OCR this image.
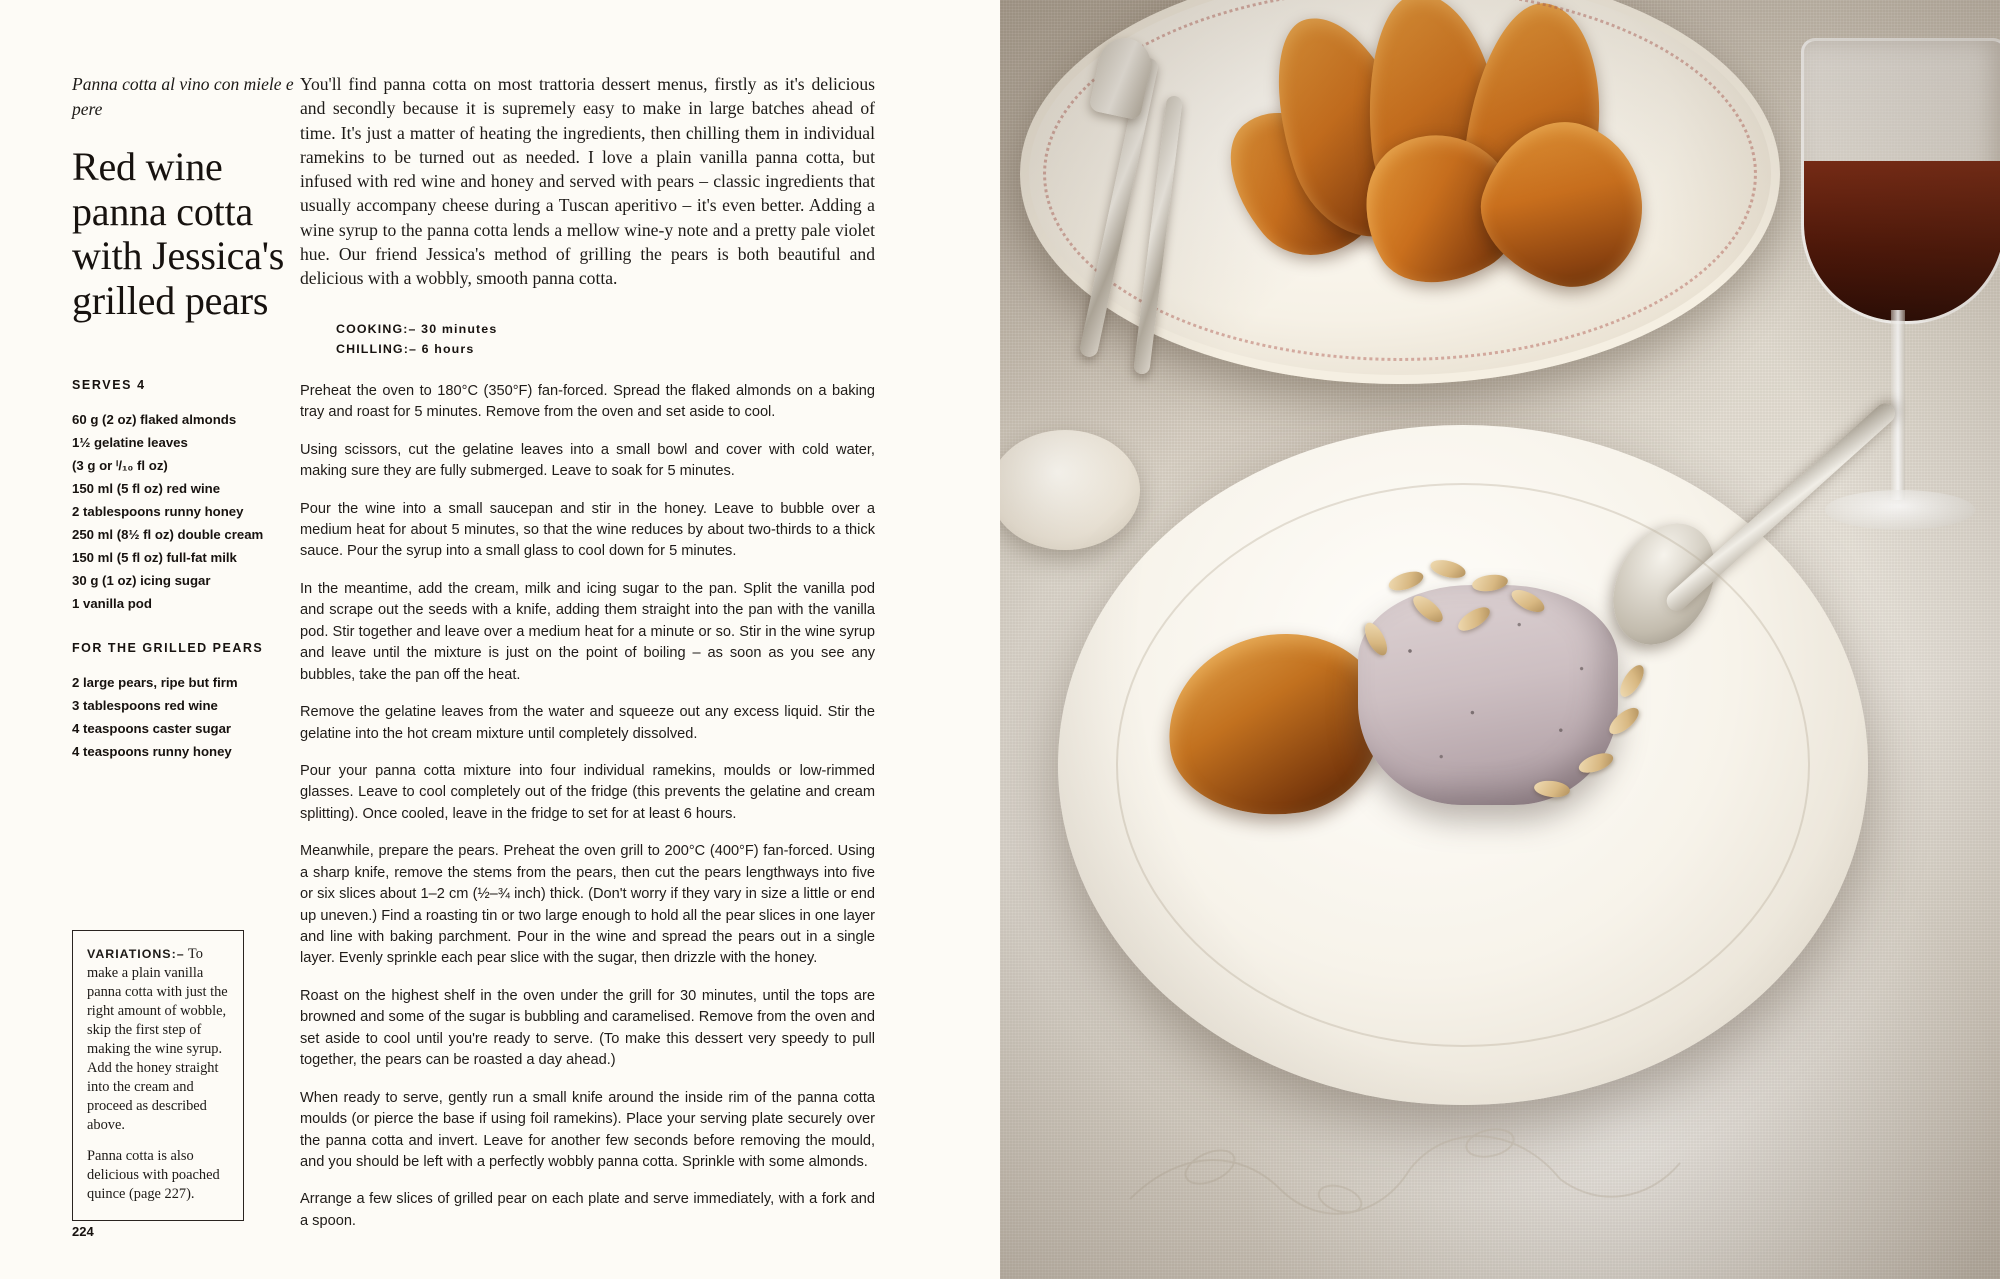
Panna cotta al vino con miele e pere
Red wine panna cotta with Jessica's grilled pears
SERVES 4
60 g (2 oz) flaked almonds
1½ gelatine leaves
(3 g or ⁱ/₁₀ fl oz)
150 ml (5 fl oz) red wine
2 tablespoons runny honey
250 ml (8½ fl oz) double cream
150 ml (5 fl oz) full-fat milk
30 g (1 oz) icing sugar
1 vanilla pod
FOR THE GRILLED PEARS
2 large pears, ripe but firm
3 tablespoons red wine
4 teaspoons caster sugar
4 teaspoons runny honey

VARIATIONS:– To make a plain vanilla panna cotta with just the right amount of wobble, skip the first step of making the wine syrup. Add the honey straight into the cream and proceed as described above.

Panna cotta is also delicious with poached quince (page 227).

224

You'll find panna cotta on most trattoria dessert menus, firstly as it's delicious and secondly because it is supremely easy to make in large batches ahead of time. It's just a matter of heating the ingredients, then chilling them in individual ramekins to be turned out as needed. I love a plain vanilla panna cotta, but infused with red wine and honey and served with pears – classic ingredients that usually accompany cheese during a Tuscan aperitivo – it's even better. Adding a wine syrup to the panna cotta lends a mellow wine-y note and a pretty pale violet hue. Our friend Jessica's method of grilling the pears is both beautiful and delicious with a wobbly, smooth panna cotta.

COOKING:– 30 minutes
CHILLING:– 6 hours

Preheat the oven to 180°C (350°F) fan-forced. Spread the flaked almonds on a baking tray and roast for 5 minutes. Remove from the oven and set aside to cool.

Using scissors, cut the gelatine leaves into a small bowl and cover with cold water, making sure they are fully submerged. Leave to soak for 5 minutes.

Pour the wine into a small saucepan and stir in the honey. Leave to bubble over a medium heat for about 5 minutes, so that the wine reduces by about two-thirds to a thick sauce. Pour the syrup into a small glass to cool down for 5 minutes.

In the meantime, add the cream, milk and icing sugar to the pan. Split the vanilla pod and scrape out the seeds with a knife, adding them straight into the pan with the vanilla pod. Stir together and leave over a medium heat for a minute or so. Stir in the wine syrup and leave until the mixture is just on the point of boiling – as soon as you see any bubbles, take the pan off the heat.

Remove the gelatine leaves from the water and squeeze out any excess liquid. Stir the gelatine into the hot cream mixture until completely dissolved.

Pour your panna cotta mixture into four individual ramekins, moulds or low-rimmed glasses. Leave to cool completely out of the fridge (this prevents the gelatine and cream splitting). Once cooled, leave in the fridge to set for at least 6 hours.

Meanwhile, prepare the pears. Preheat the oven grill to 200°C (400°F) fan-forced. Using a sharp knife, remove the stems from the pears, then cut the pears lengthways into five or six slices about 1–2 cm (½–¾ inch) thick. (Don't worry if they vary in size a little or end up uneven.) Find a roasting tin or two large enough to hold all the pear slices in one layer and line with baking parchment. Pour in the wine and spread the pears out in a single layer. Evenly sprinkle each pear slice with the sugar, then drizzle with the honey.

Roast on the highest shelf in the oven under the grill for 30 minutes, until the tops are browned and some of the sugar is bubbling and caramelised. Remove from the oven and set aside to cool until you're ready to serve. (To make this dessert very speedy to pull together, the pears can be roasted a day ahead.)

When ready to serve, gently run a small knife around the inside rim of the panna cotta moulds (or pierce the base if using foil ramekins). Place your serving plate securely over the panna cotta and invert. Leave for another few seconds before removing the mould, and you should be left with a perfectly wobbly panna cotta. Sprinkle with some almonds.

Arrange a few slices of grilled pear on each plate and serve immediately, with a fork and a spoon.
